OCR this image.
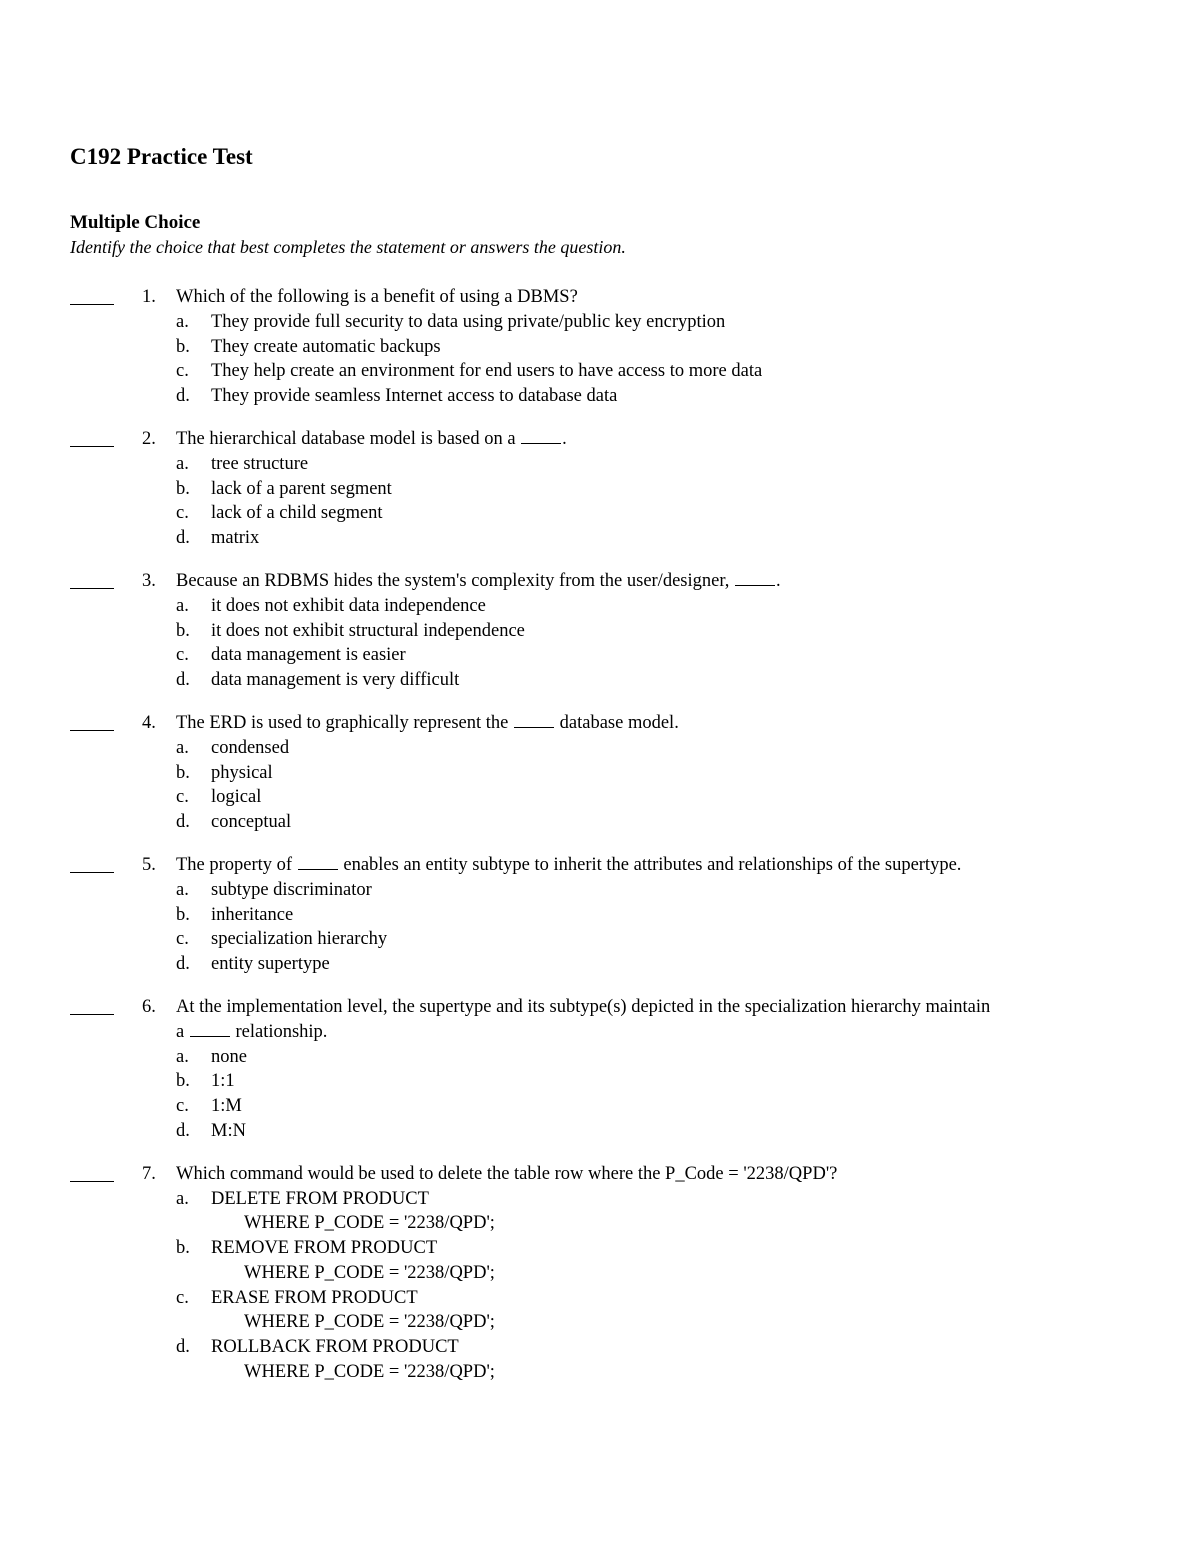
C192 Practice Test
Multiple Choice

Identify the choice that best completes the statement or answers the question.

1. Which of the following is a benefit of using a DBMS?

a. They provide full security to data using private/public key encryption

b. They create automatic backups

c. They help create an environment for end users to have access to more data

d. They provide seamless Internet access to database data

2. The hierarchical database model is based on a .

a. tree structure

b. lack of a parent segment

c. lack of a child segment

d. matrix

3. Because an RDBMS hides the system's complexity from the user/designer, .

a. it does not exhibit data independence

b. it does not exhibit structural independence

c. data management is easier

d. data management is very difficult

4. The ERD is used to graphically represent the  database model.

a. condensed

b. physical

c. logical

d. conceptual

5. The property of  enables an entity subtype to inherit the attributes and relationships of the supertype.

a. subtype discriminator

b. inheritance

c. specialization hierarchy

d. entity supertype

6. At the implementation level, the supertype and its subtype(s) depicted in the specialization hierarchy maintain
a  relationship.

a. none

b. 1:1

c. 1:M

d. M:N

7. Which command would be used to delete the table row where the P_Code = '2238/QPD'?

a. DELETE FROM PRODUCT
WHERE P_CODE = '2238/QPD';

b. REMOVE FROM PRODUCT
WHERE P_CODE = '2238/QPD';

c. ERASE FROM PRODUCT
WHERE P_CODE = '2238/QPD';

d. ROLLBACK FROM PRODUCT
WHERE P_CODE = '2238/QPD';
